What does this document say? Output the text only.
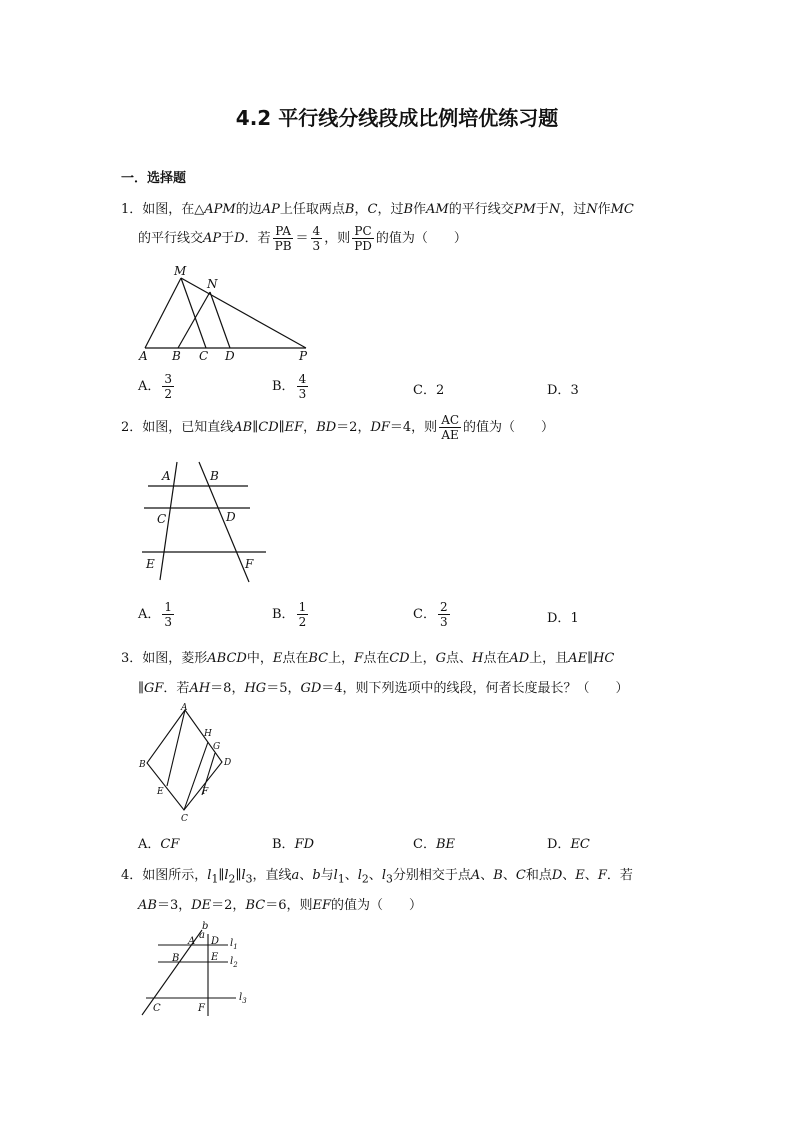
4.2 平行线分线段成比例培优练习题
一．选择题
1．如图，在△APM的边AP上任取两点B，C，过B作AM的平行线交PM于N，过N作MC
的平行线交AP于D．若 $\frac{PA}{PB} = \frac{4}{3}$ ，则 $\frac{PC}{PD}$ 的值为（　　）
M
N
A B C D	P
A． $\frac{3}{2}$	B． $\frac{4}{3}$	C．2	D．3
2．如图，已知直线AB∥CD∥EF，BD＝2，DF＝4，则 $\frac{AC}{AE}$ 的值为（　　）
A	B
C	D
E	F
A． $\frac{1}{3}$	B． $\frac{1}{2}$	C． $\frac{2}{3}$	D．1
3．如图，菱形ABCD中，E点在BC上，F点在CD上，G点、H点在AD上，且AE∥HC
∥GF．若AH＝8，HG＝5，GD＝4，则下列选项中的线段，何者长度最长？（　　）
A
B
C
D
E	F
G
H
A．CF	B．FD	C．BE	D．EC
4．如图所示，$l_1\parallel l_2\parallel l_3$，直线a、b与$l_1$、$l_2$、$l_3$分别相交于点A、B、C和点D、E、F．若
AB＝3，DE＝2，BC＝6，则EF的值为（　　）
b
a
A D
B	E
C	F
$l_1$
$l_2$
$l_3$
